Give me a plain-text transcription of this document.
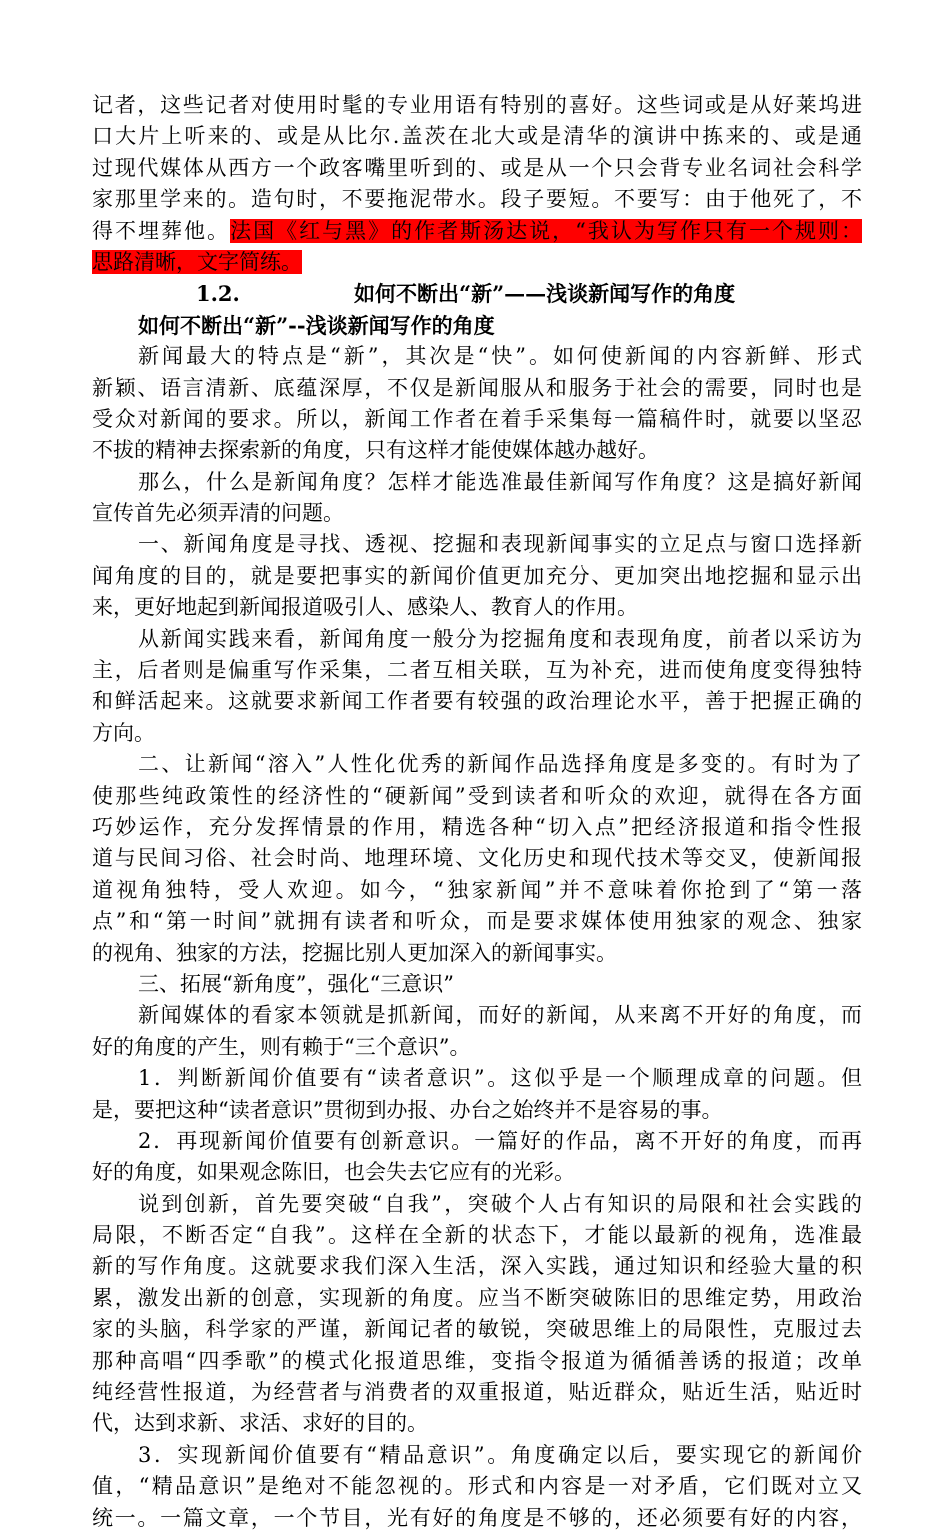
记者，这些记者对使用时髦的专业用语有特别的喜好。这些词或是从好莱坞进
口大片上听来的、或是从比尔.盖茨在北大或是清华的演讲中拣来的、或是通
过现代媒体从西方一个政客嘴里听到的、或是从一个只会背专业名词社会科学
家那里学来的。造句时，不要拖泥带水。段子要短。不要写：由于他死了，不
得不埋葬他。法国《红与黑》的作者斯汤达说，“我认为写作只有一个规则：
思路清晰，文字简练。
1.2.	如何不断出“新”——浅谈新闻写作的角度
如何不断出“新”--浅谈新闻写作的角度
新闻最大的特点是“新”，其次是“快”。如何使新闻的内容新鲜、形式
新颖、语言清新、底蕴深厚，不仅是新闻服从和服务于社会的需要，同时也是
受众对新闻的要求。所以，新闻工作者在着手采集每一篇稿件时，就要以坚忍
不拔的精神去探索新的角度，只有这样才能使媒体越办越好。
那么，什么是新闻角度？怎样才能选准最佳新闻写作角度？这是搞好新闻
宣传首先必须弄清的问题。
一、新闻角度是寻找、透视、挖掘和表现新闻事实的立足点与窗口选择新
闻角度的目的，就是要把事实的新闻价值更加充分、更加突出地挖掘和显示出
来，更好地起到新闻报道吸引人、感染人、教育人的作用。
从新闻实践来看，新闻角度一般分为挖掘角度和表现角度，前者以采访为
主，后者则是偏重写作采集，二者互相关联，互为补充，进而使角度变得独特
和鲜活起来。这就要求新闻工作者要有较强的政治理论水平，善于把握正确的
方向。
二、让新闻“溶入”人性化优秀的新闻作品选择角度是多变的。有时为了
使那些纯政策性的经济性的“硬新闻”受到读者和听众的欢迎，就得在各方面
巧妙运作，充分发挥情景的作用，精选各种“切入点”把经济报道和指令性报
道与民间习俗、社会时尚、地理环境、文化历史和现代技术等交叉，使新闻报
道视角独特，受人欢迎。如今，“独家新闻”并不意味着你抢到了“第一落
点”和“第一时间”就拥有读者和听众，而是要求媒体使用独家的观念、独家
的视角、独家的方法，挖掘比别人更加深入的新闻事实。
三、拓展“新角度”，强化“三意识”
新闻媒体的看家本领就是抓新闻，而好的新闻，从来离不开好的角度，而
好的角度的产生，则有赖于“三个意识”。
1．判断新闻价值要有“读者意识”。这似乎是一个顺理成章的问题。但
是，要把这种“读者意识”贯彻到办报、办台之始终并不是容易的事。
2．再现新闻价值要有创新意识。一篇好的作品，离不开好的角度，而再
好的角度，如果观念陈旧，也会失去它应有的光彩。
说到创新，首先要突破“自我”，突破个人占有知识的局限和社会实践的
局限，不断否定“自我”。这样在全新的状态下，才能以最新的视角，选准最
新的写作角度。这就要求我们深入生活，深入实践，通过知识和经验大量的积
累，激发出新的创意，实现新的角度。应当不断突破陈旧的思维定势，用政治
家的头脑，科学家的严谨，新闻记者的敏锐，突破思维上的局限性，克服过去
那种高唱“四季歌”的模式化报道思维，变指令报道为循循善诱的报道；改单
纯经营性报道，为经营者与消费者的双重报道，贴近群众，贴近生活，贴近时
代，达到求新、求活、求好的目的。
3．实现新闻价值要有“精品意识”。角度确定以后，要实现它的新闻价
值，“精品意识”是绝对不能忽视的。形式和内容是一对矛盾，它们既对立又
统一。一篇文章，一个节目，光有好的角度是不够的，还必须要有好的内容，
